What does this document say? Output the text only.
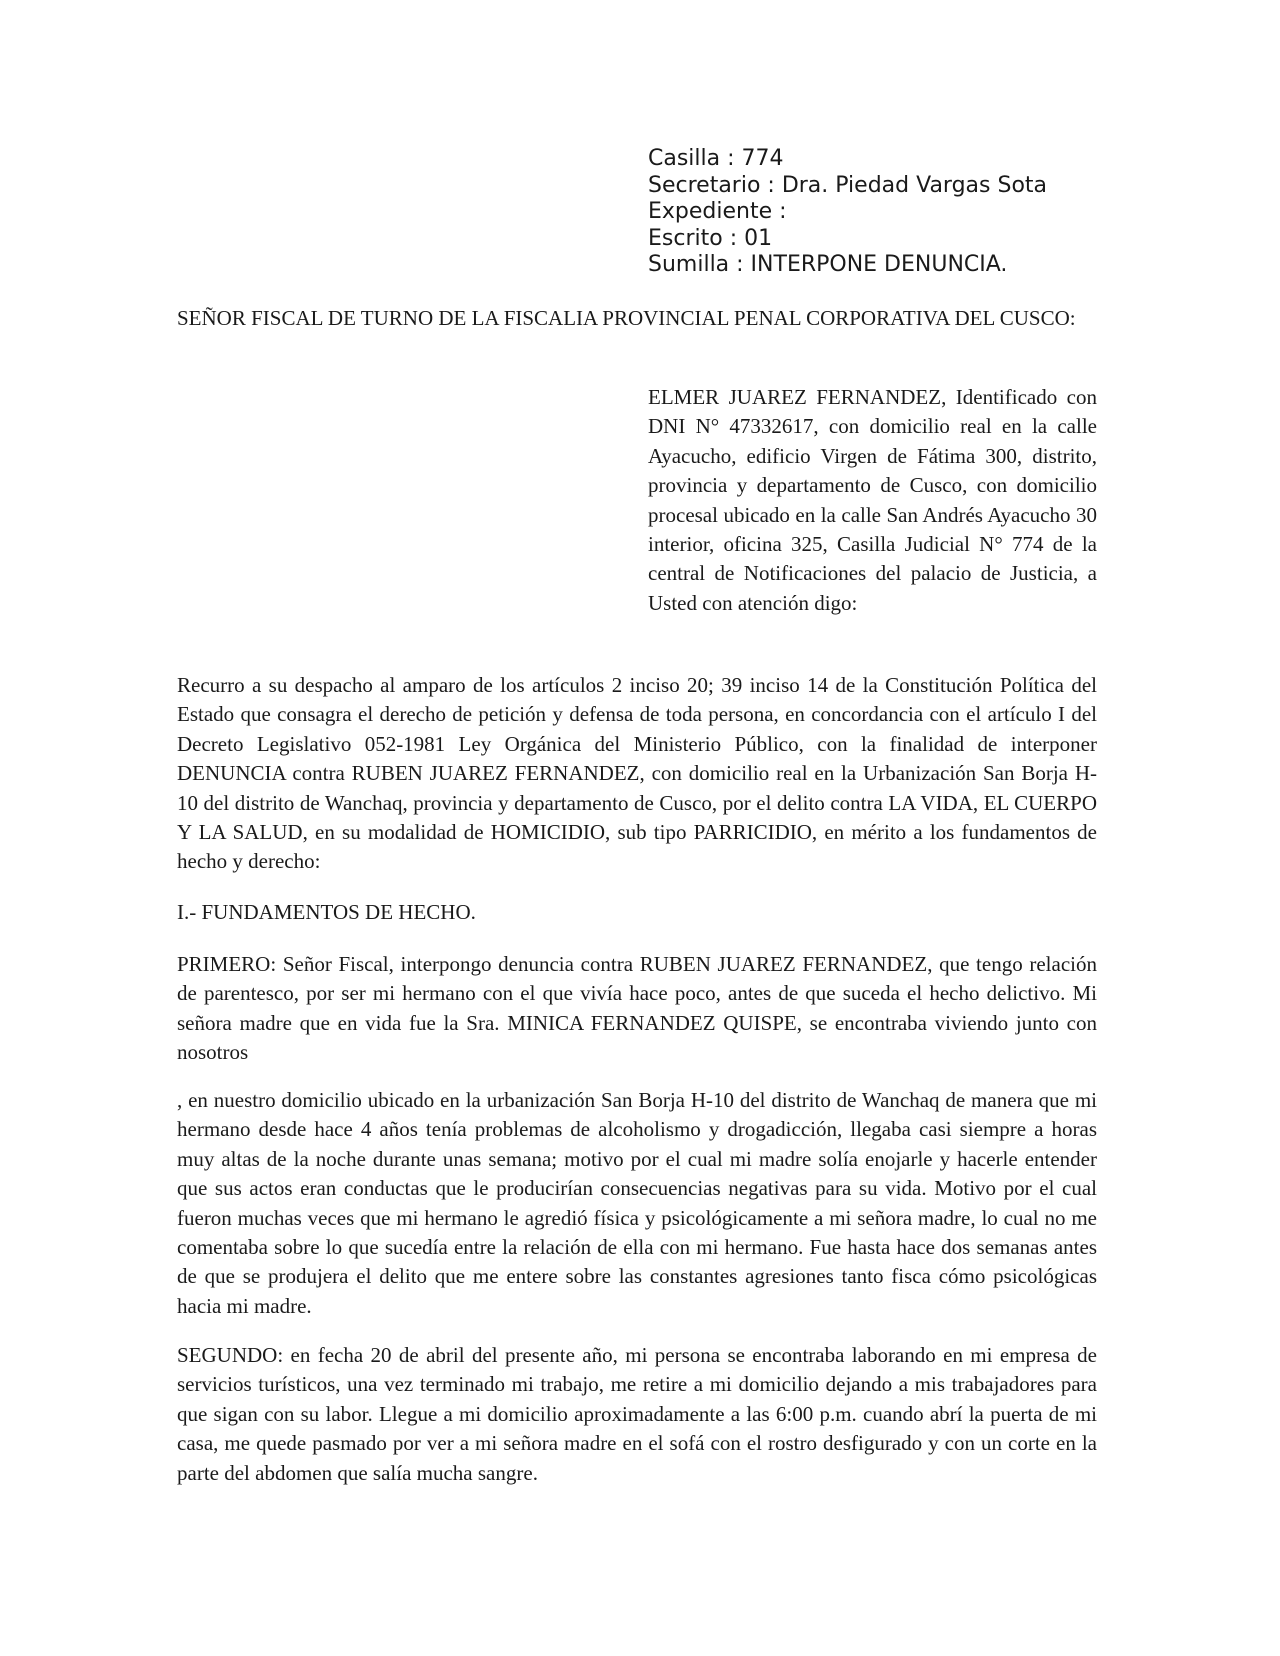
Casilla : 774
Secretario : Dra. Piedad Vargas Sota
Expediente :
Escrito : 01
Sumilla : INTERPONE DENUNCIA.
SEÑOR FISCAL DE TURNO DE LA FISCALIA PROVINCIAL PENAL CORPORATIVA DEL CUSCO:
ELMER JUAREZ FERNANDEZ, Identificado con DNI N° 47332617, con domicilio real en la calle Ayacucho, edificio Virgen de Fátima 300, distrito, provincia y departamento de Cusco, con domicilio procesal ubicado en la calle San Andrés Ayacucho 30 interior, oficina 325, Casilla Judicial N° 774 de la central de Notificaciones del palacio de Justicia, a Usted con atención digo:

Recurro a su despacho al amparo de los artículos 2 inciso 20; 39 inciso 14 de la Constitución Política del Estado que consagra el derecho de petición y defensa de toda persona, en concordancia con el artículo I del Decreto Legislativo 052-1981 Ley Orgánica del Ministerio Público, con la finalidad de interponer DENUNCIA contra RUBEN JUAREZ FERNANDEZ, con domicilio real en la Urbanización San Borja H-10 del distrito de Wanchaq, provincia y departamento de Cusco, por el delito contra LA VIDA, EL CUERPO Y LA SALUD, en su modalidad de HOMICIDIO, sub tipo PARRICIDIO, en mérito a los fundamentos de hecho y derecho:

I.- FUNDAMENTOS DE HECHO.

PRIMERO: Señor Fiscal, interpongo denuncia contra RUBEN JUAREZ FERNANDEZ, que tengo relación de parentesco, por ser mi hermano con el que vivía hace poco, antes de que suceda el hecho delictivo. Mi señora madre que en vida fue la Sra. MINICA FERNANDEZ QUISPE, se encontraba viviendo junto con nosotros

, en nuestro domicilio ubicado en la urbanización San Borja H-10 del distrito de Wanchaq de manera que mi hermano desde hace 4 años tenía problemas de alcoholismo y drogadicción, llegaba casi siempre a horas muy altas de la noche durante unas semana; motivo por el cual mi madre solía enojarle y hacerle entender que sus actos eran conductas que le producirían consecuencias negativas para su vida. Motivo por el cual fueron muchas veces que mi hermano le agredió física y psicológicamente a mi señora madre, lo cual no me comentaba sobre lo que sucedía entre la relación de ella con mi hermano. Fue hasta hace dos semanas antes de que se produjera el delito que me entere sobre las constantes agresiones tanto fisca cómo psicológicas hacia mi madre.

SEGUNDO: en fecha 20 de abril del presente año, mi persona se encontraba laborando en mi empresa de servicios turísticos, una vez terminado mi trabajo, me retire a mi domicilio dejando a mis trabajadores para que sigan con su labor. Llegue a mi domicilio aproximadamente a las 6:00 p.m. cuando abrí la puerta de mi casa, me quede pasmado por ver a mi señora madre en el sofá con el rostro desfigurado y con un corte en la parte del abdomen que salía mucha sangre.
